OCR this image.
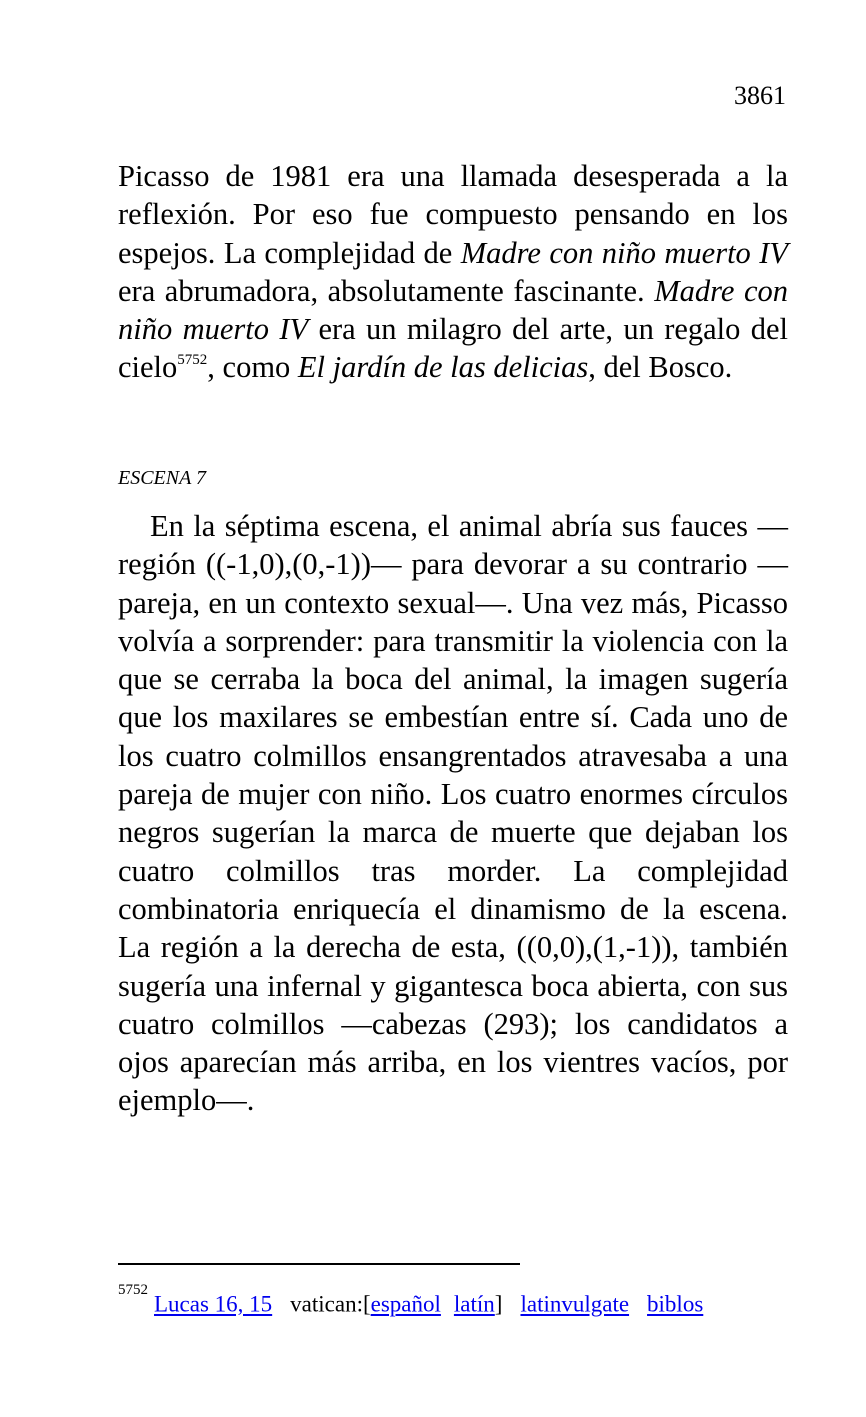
3861
Picasso de 1981 era una llamada desesperada a la reflexión. Por eso fue compuesto pensando en los espejos. La complejidad de Madre con niño muerto IV era abrumadora, absolutamente fascinante. Madre con niño muerto IV era un milagro del arte, un regalo del cielo$^{5752}$, como El jardín de las delicias, del Bosco.
ESCENA 7
En la séptima escena, el animal abría sus fauces —región ((-1,0),(0,-1))— para devorar a su contrario —pareja, en un contexto sexual—. Una vez más, Picasso volvía a sorprender: para transmitir la violencia con la que se cerraba la boca del animal, la imagen sugería que los maxilares se embestían entre sí. Cada uno de los cuatro colmillos ensangrentados atravesaba a una pareja de mujer con niño. Los cuatro enormes círculos negros sugerían la marca de muerte que dejaban los cuatro colmillos tras morder. La complejidad combinatoria enriquecía el dinamismo de la escena. La región a la derecha de esta, ((0,0),(1,-1)), también sugería una infernal y gigantesca boca abierta, con sus cuatro colmillos —cabezas (293); los candidatos a ojos aparecían más arriba, en los vientres vacíos, por ejemplo—.
$^{5752}$Lucas 16, 15 vatican:[español latín] latinvulgate biblos
